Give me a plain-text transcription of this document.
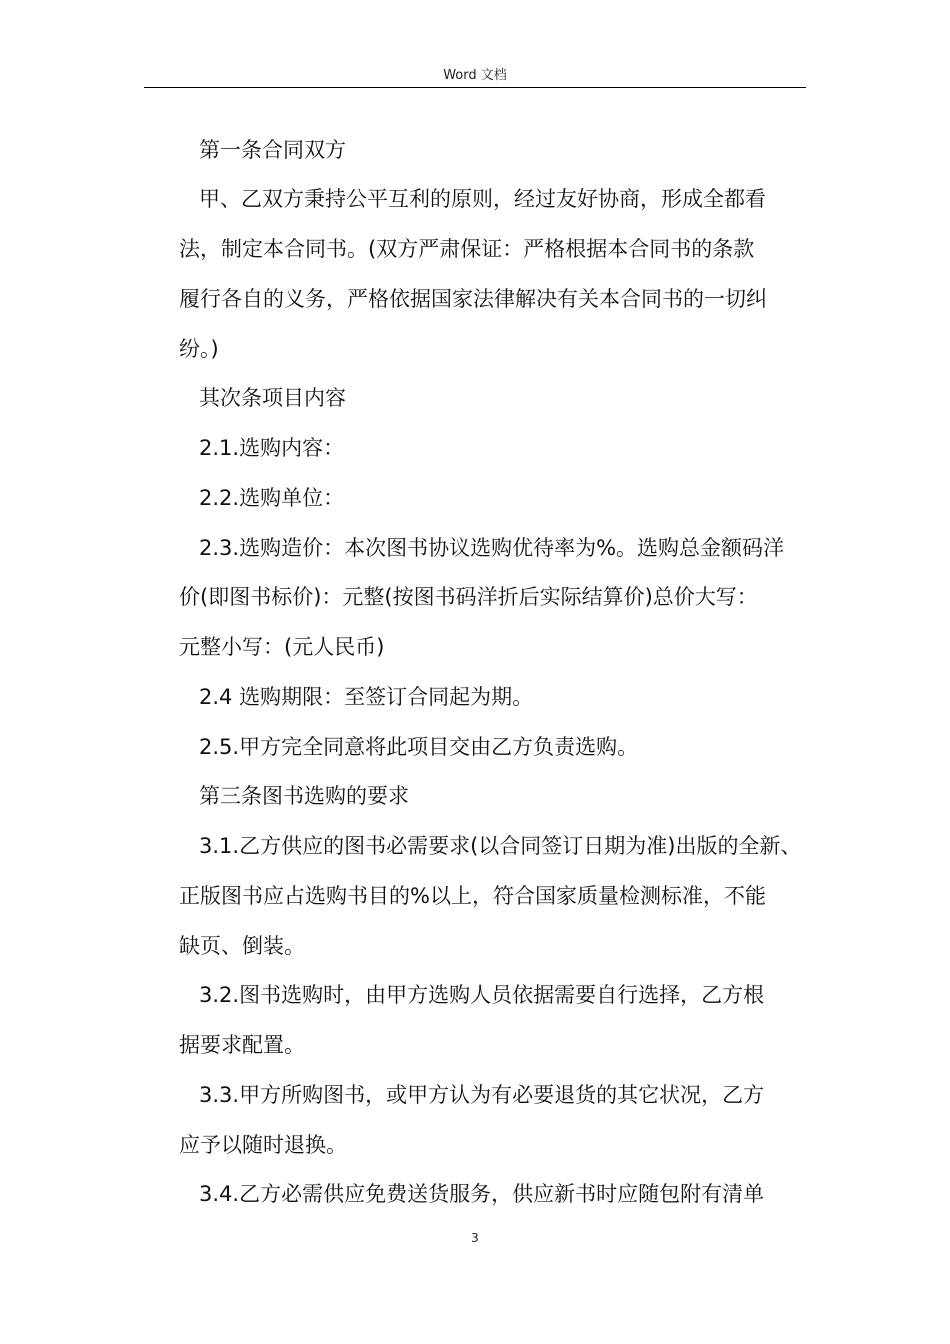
Word 文档
第一条合同双方
甲、乙双方秉持公平互利的原则，经过友好协商，形成全都看
法，制定本合同书。(双方严肃保证：严格根据本合同书的条款
履行各自的义务，严格依据国家法律解决有关本合同书的一切纠
纷。)
其次条项目内容
2.1.选购内容：
2.2.选购单位：
2.3.选购造价：本次图书协议选购优待率为%。选购总金额码洋
价(即图书标价)：元整(按图书码洋折后实际结算价)总价大写：
元整小写：(元人民币)
2.4 选购期限：至签订合同起为期。
2.5.甲方完全同意将此项目交由乙方负责选购。
第三条图书选购的要求
3.1.乙方供应的图书必需要求(以合同签订日期为准)出版的全新、
正版图书应占选购书目的%以上，符合国家质量检测标准，不能
缺页、倒装。
3.2.图书选购时，由甲方选购人员依据需要自行选择，乙方根
据要求配置。
3.3.甲方所购图书，或甲方认为有必要退货的其它状况，乙方
应予以随时退换。
3.4.乙方必需供应免费送货服务，供应新书时应随包附有清单
3
